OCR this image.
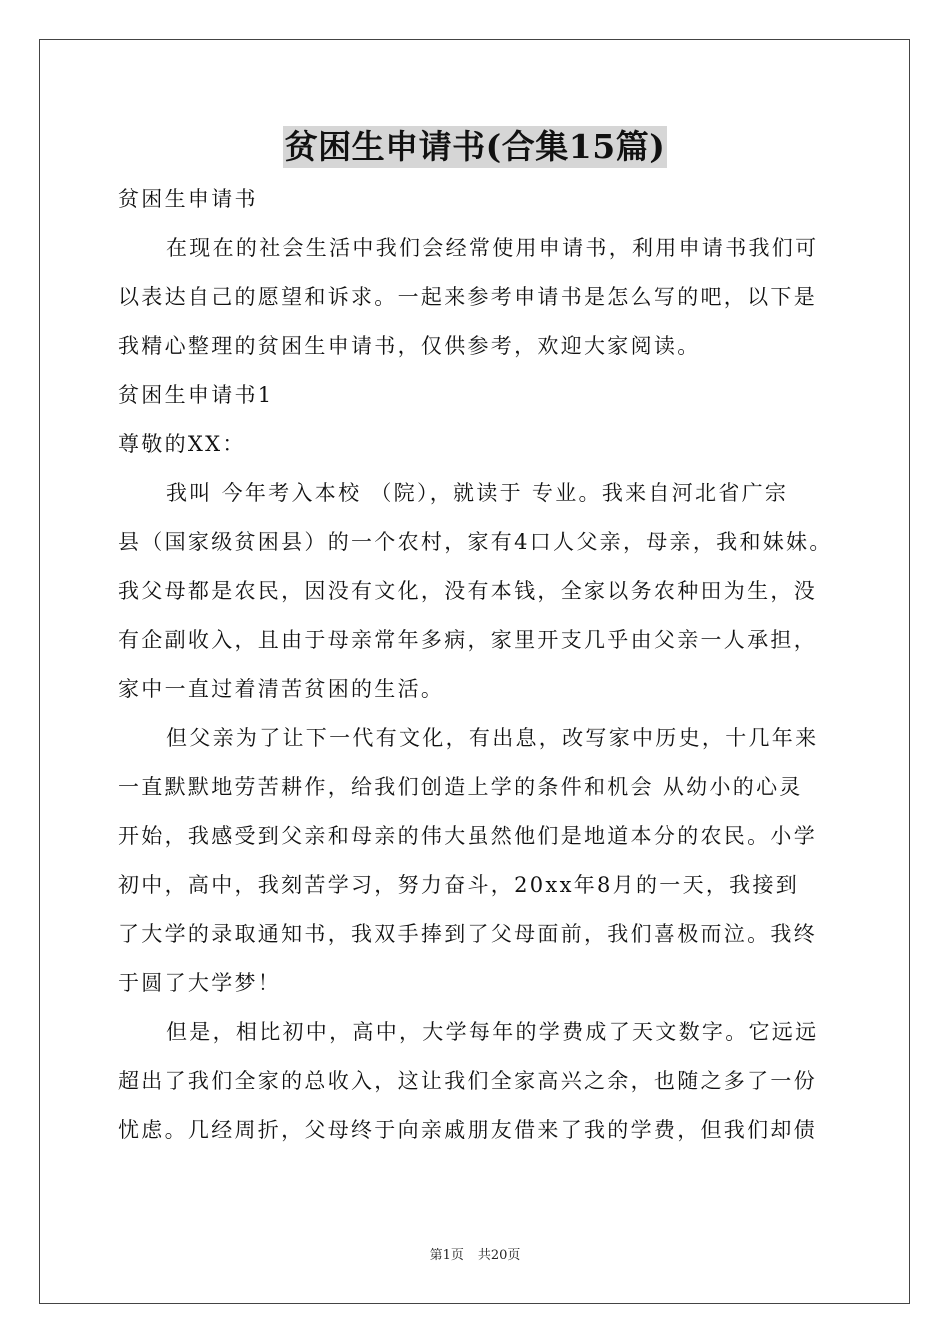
贫困生申请书(合集15篇)
贫困生申请书
在现在的社会生活中我们会经常使用申请书，利用申请书我们可
以表达自己的愿望和诉求。一起来参考申请书是怎么写的吧，以下是
我精心整理的贫困生申请书，仅供参考，欢迎大家阅读。
贫困生申请书1
尊敬的XX：
我叫 今年考入本校 （院），就读于 专业。我来自河北省广宗
县（国家级贫困县）的一个农村，家有4口人父亲，母亲，我和妹妹。
我父母都是农民，因没有文化，没有本钱，全家以务农种田为生，没
有企副收入，且由于母亲常年多病，家里开支几乎由父亲一人承担，
家中一直过着清苦贫困的生活。
但父亲为了让下一代有文化，有出息，改写家中历史，十几年来
一直默默地劳苦耕作，给我们创造上学的条件和机会 从幼小的心灵
开始，我感受到父亲和母亲的伟大虽然他们是地道本分的农民。小学
初中，高中，我刻苦学习，努力奋斗，20xx年8月的一天，我接到
了大学的录取通知书，我双手捧到了父母面前，我们喜极而泣。我终
于圆了大学梦！
但是，相比初中，高中，大学每年的学费成了天文数字。它远远
超出了我们全家的总收入，这让我们全家高兴之余，也随之多了一份
忧虑。几经周折，父母终于向亲戚朋友借来了我的学费，但我们却债
第1页 共20页
